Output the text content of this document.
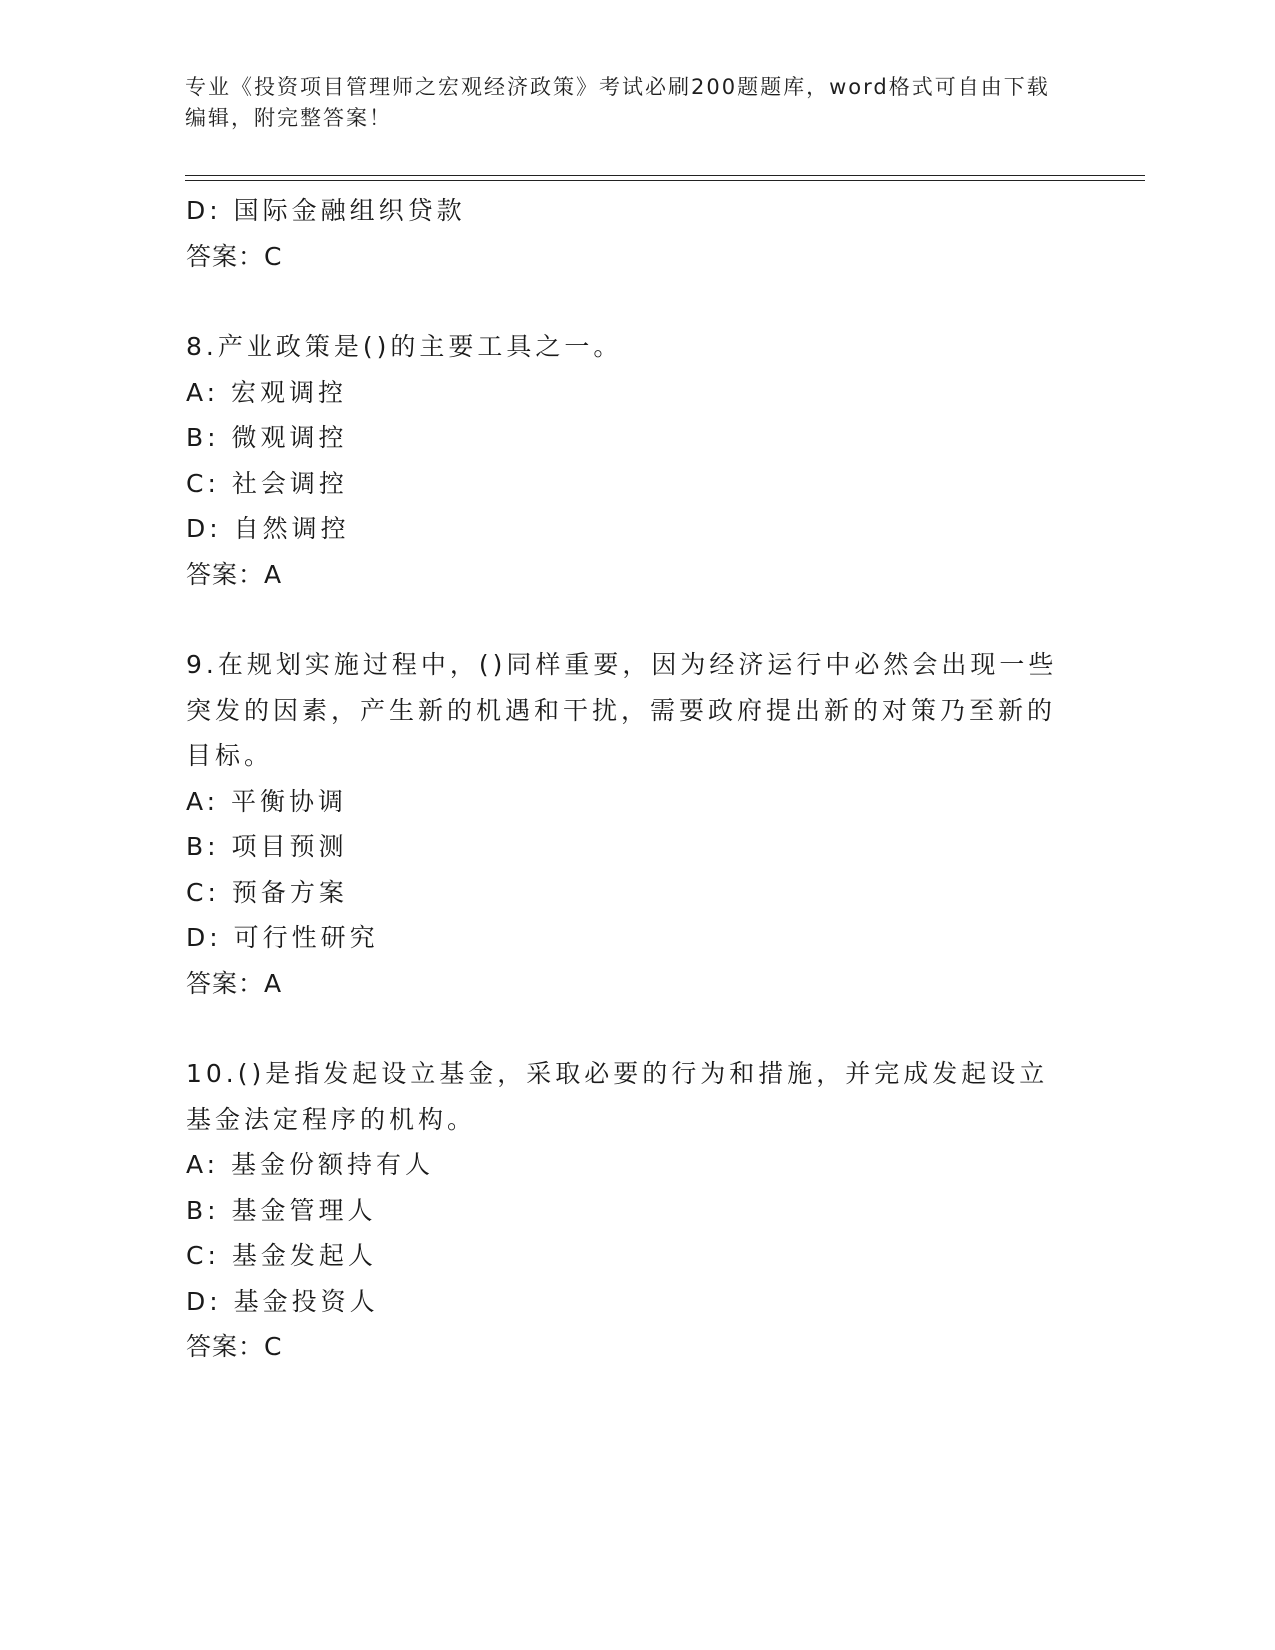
专业《投资项目管理师之宏观经济政策》考试必刷200题题库，word格式可自由下载编辑，附完整答案！
D: 国际金融组织贷款
答案：C
8.产业政策是()的主要工具之一。
A: 宏观调控
B: 微观调控
C: 社会调控
D: 自然调控
答案：A
9.在规划实施过程中，()同样重要，因为经济运行中必然会出现一些突发的因素，产生新的机遇和干扰，需要政府提出新的对策乃至新的目标。
A: 平衡协调
B: 项目预测
C: 预备方案
D: 可行性研究
答案：A
10.()是指发起设立基金，采取必要的行为和措施，并完成发起设立基金法定程序的机构。
A: 基金份额持有人
B: 基金管理人
C: 基金发起人
D: 基金投资人
答案：C
